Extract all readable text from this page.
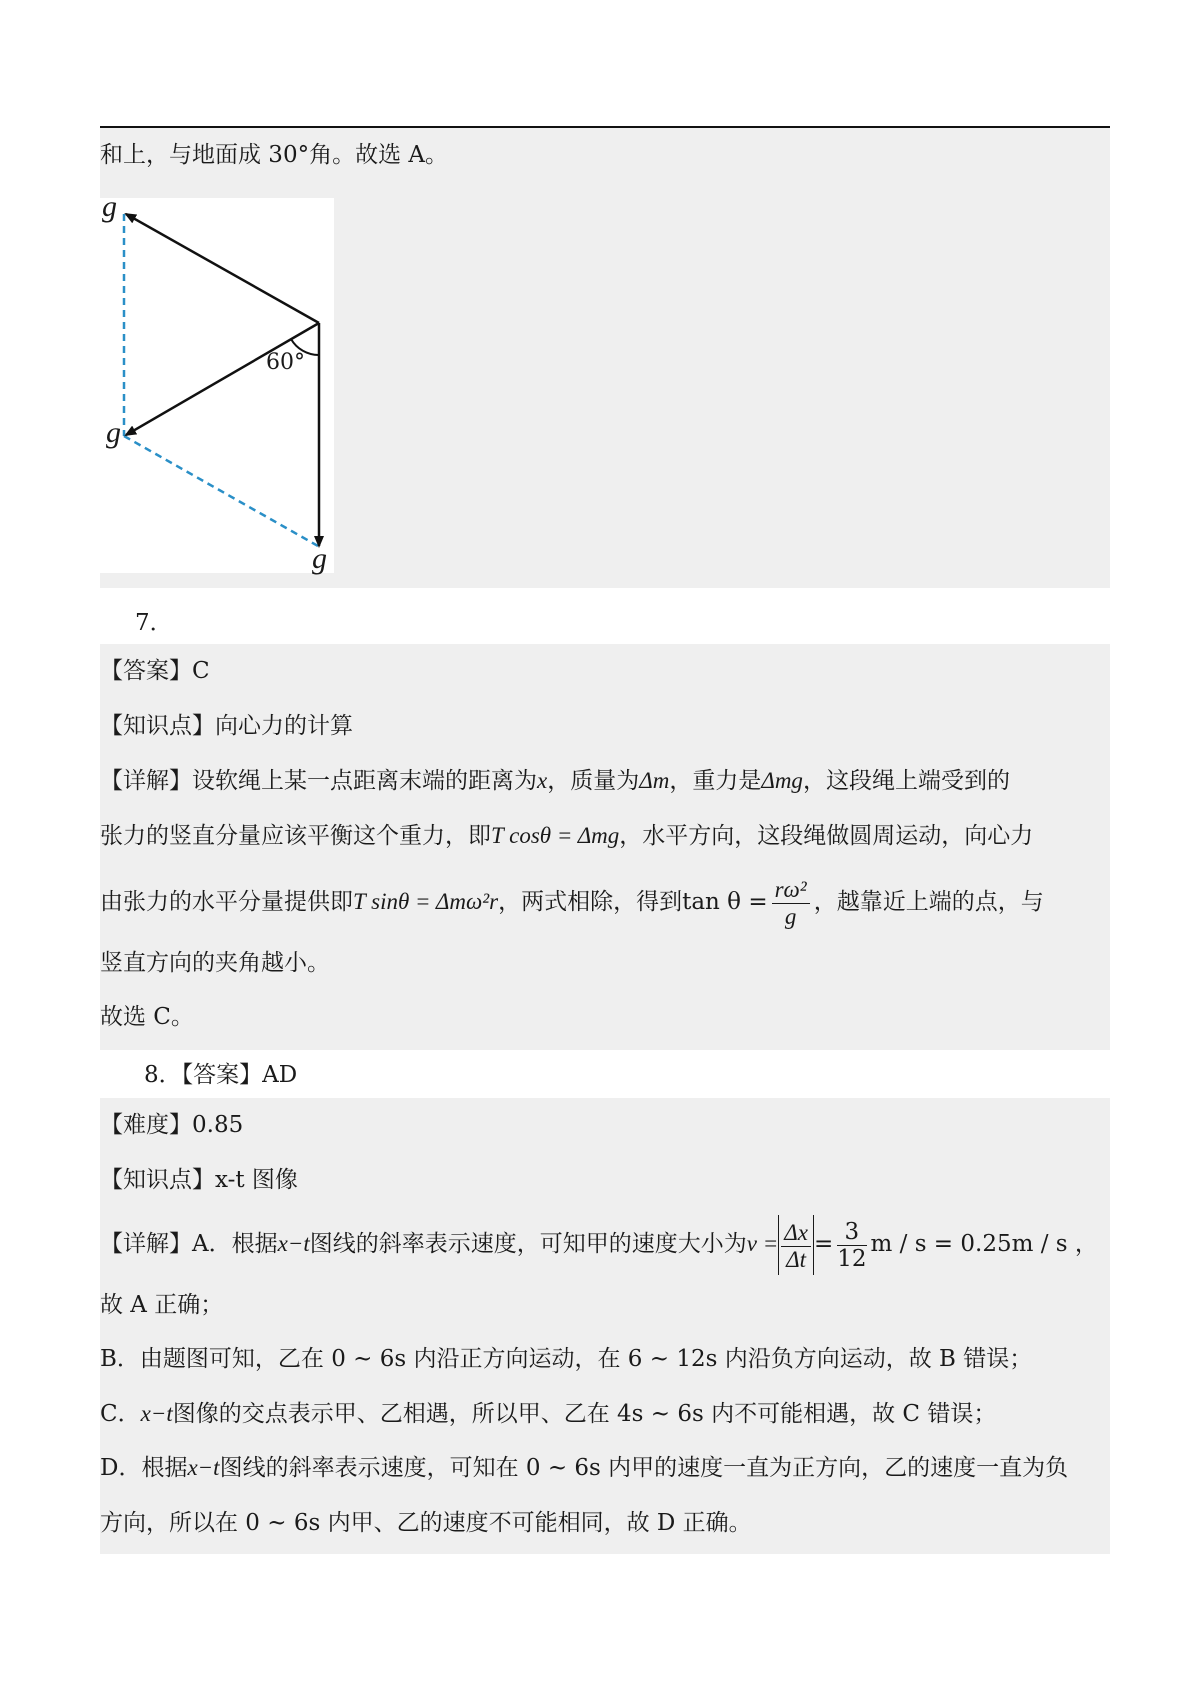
和上，与地面成 30°角。故选 A。
g
g
g
60°
7．
【答案】C
【知识点】向心力的计算
【详解】设软绳上某一点距离末端的距离为x，质量为Δm，重力是Δmg，这段绳上端受到的
张力的竖直分量应该平衡这个重力，即T cosθ = Δmg，水平方向，这段绳做圆周运动，向心力
由张力的水平分量提供即T sinθ = Δmω²r，两式相除，得到$\tan \theta = \frac{\text{rω²}}{g}$ ，越靠近上端的点，与
竖直方向的夹角越小。
故选 C。
8．【答案】AD
【难度】0.85
【知识点】x-t 图像
【详解】A．根据x−t图线的斜率表示速度，可知甲的速度大小为$v = \frac{\Delta x}{\Delta t} = \frac{3}{12}$ m / s = 0.25m / s ，
故 A 正确；
B．由题图可知，乙在 0 ~ 6s 内沿正方向运动，在 6 ~ 12s 内沿负方向运动，故 B 错误；
C．x−t图像的交点表示甲、乙相遇，所以甲、乙在 4s ~ 6s 内不可能相遇，故 C 错误；
D．根据x−t图线的斜率表示速度，可知在 0 ~ 6s 内甲的速度一直为正方向，乙的速度一直为负
方向，所以在 0 ~ 6s 内甲、乙的速度不可能相同，故 D 正确。
